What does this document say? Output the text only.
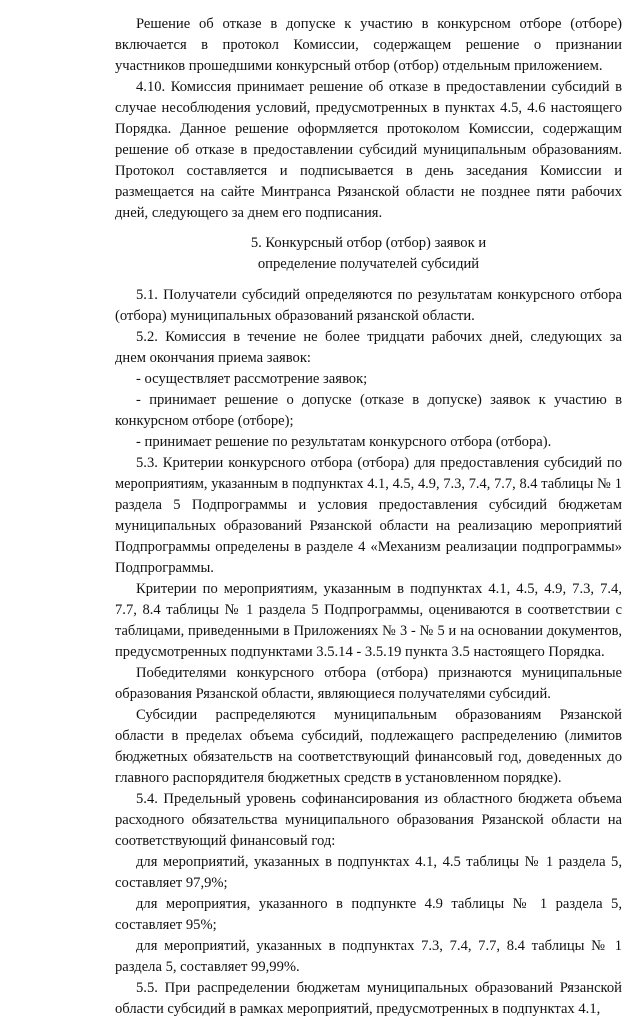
Решение об отказе в допуске к участию в конкурсном отборе (отборе)

включается в протокол Комиссии, содержащем решение о признании

участников прошедшими конкурсный отбор (отбор) отдельным приложением.

4.10. Комиссия принимает решение об отказе в предоставлении субсидий в

случае несоблюдения условий, предусмотренных в пунктах 4.5, 4.6 настоящего

Порядка. Данное решение оформляется протоколом Комиссии, содержащим

решение об отказе в предоставлении субсидий муниципальным образованиям.

Протокол составляется и подписывается в день заседания Комиссии и

размещается на сайте Минтранса Рязанской области не позднее пяти рабочих

дней, следующего за днем его подписания.

5. Конкурсный отбор (отбор) заявок и

определение получателей субсидий

5.1. Получатели субсидий определяются по результатам конкурсного отбора

(отбора) муниципальных образований рязанской области.

5.2. Комиссия в течение не более тридцати рабочих дней, следующих за

днем окончания приема заявок:

- осуществляет рассмотрение заявок;

- принимает решение о допуске (отказе в допуске) заявок к участию в

конкурсном отборе (отборе);

- принимает решение по результатам конкурсного отбора (отбора).

5.3. Критерии конкурсного отбора (отбора) для предоставления субсидий по

мероприятиям, указанным в подпунктах 4.1, 4.5, 4.9, 7.3, 7.4, 7.7, 8.4 таблицы № 1

раздела 5 Подпрограммы и условия предоставления субсидий бюджетам

муниципальных образований Рязанской области на реализацию мероприятий

Подпрограммы определены в разделе 4 «Механизм реализации подпрограммы»

Подпрограммы.

Критерии по мероприятиям, указанным в подпунктах 4.1, 4.5, 4.9, 7.3, 7.4,

7.7, 8.4 таблицы № 1 раздела 5 Подпрограммы, оцениваются в соответствии с

таблицами, приведенными в Приложениях № 3 - № 5 и на основании документов,

предусмотренных подпунктами 3.5.14 - 3.5.19 пункта 3.5 настоящего Порядка.

Победителями конкурсного отбора (отбора) признаются муниципальные

образования Рязанской области, являющиеся получателями субсидий.

Субсидии распределяются муниципальным образованиям Рязанской

области в пределах объема субсидий, подлежащего распределению (лимитов

бюджетных обязательств на соответствующий финансовый год, доведенных до

главного распорядителя бюджетных средств в установленном порядке).

5.4. Предельный уровень софинансирования из областного бюджета объема

расходного обязательства муниципального образования Рязанской области на

соответствующий финансовый год:

для мероприятий, указанных в подпунктах 4.1, 4.5 таблицы № 1 раздела 5,

составляет 97,9%;

для мероприятия, указанного в подпункте 4.9 таблицы № 1 раздела 5,

составляет 95%;

для мероприятий, указанных в подпунктах 7.3, 7.4, 7.7, 8.4 таблицы № 1

раздела 5, составляет 99,99%.

5.5. При распределении бюджетам муниципальных образований Рязанской

области субсидий в рамках мероприятий, предусмотренных в подпунктах 4.1,
